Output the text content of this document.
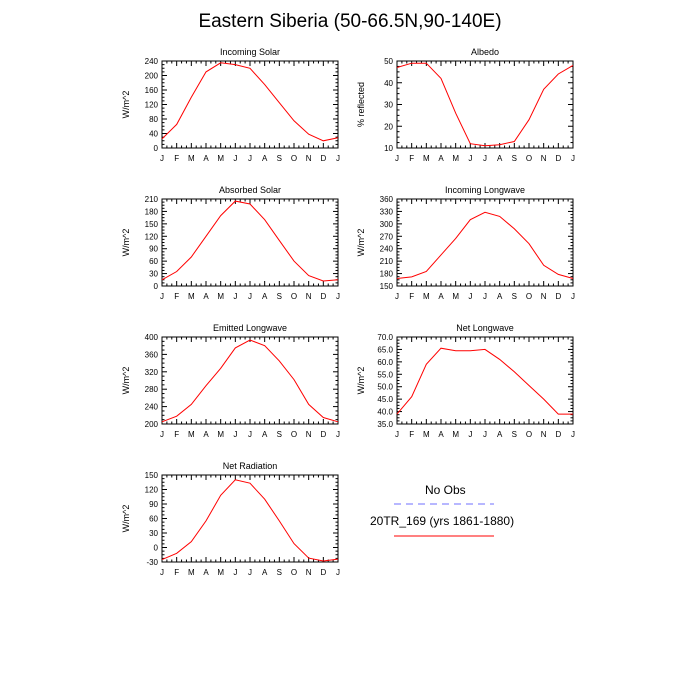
Eastern Siberia (50-66.5N,90-140E)
Incoming Solar
W/m^2
J F M A M J J A S O N D J
0
40
80
120
160
200
240
Albedo
% reflected
J F M A M J J A S O N D J
10
20
30
40
50
Absorbed Solar
W/m^2
J F M A M J J A S O N D J
0
30
60
90
120
150
180
210
Incoming Longwave
W/m^2
J F M A M J J A S O N D J
150
180
210
240
270
300
330
360
Emitted Longwave
W/m^2
J F M A M J J A S O N D J
200
240
280
320
360
400
Net Longwave
W/m^2
J F M A M J J A S O N D J
35.0
40.0
45.0
50.0
55.0
60.0
65.0
70.0
Net Radiation
W/m^2
J F M A M J J A S O N D J
-30
0
30
60
90
120
150
No Obs
20TR_169 (yrs 1861-1880)
